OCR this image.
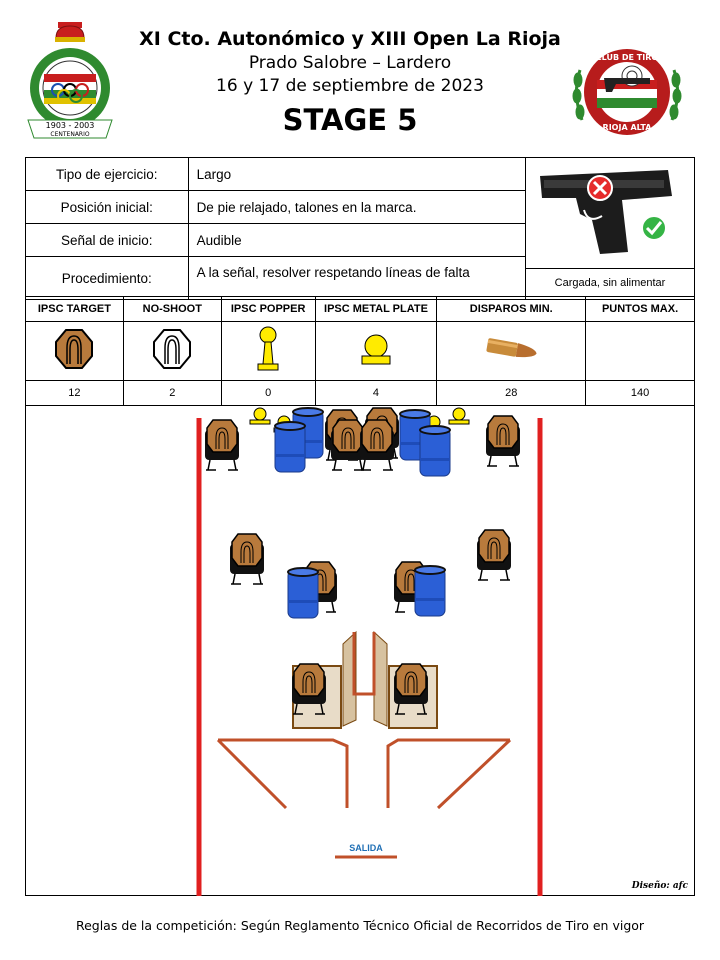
1903 - 2003
CENTENARIO
XI Cto. Autonómico y XIII Open La Rioja
Prado Salobre – Lardero
16 y 17 de septiembre de 2023
STAGE 5
CLUB DE TIRO
RIOJA ALTA
Tipo de ejercicio:	Largo	Cargada, sin alimentar

Posición inicial:	De pie relajado, talones en la marca.	
Señal de inicio:	Audible	
Procedimiento:	A la señal, resolver respetando líneas de falta	
IPSC TARGET	NO-SHOOT	IPSC POPPER	IPSC METAL PLATE	DISPAROS MIN.	PUNTOS MAX.

12	2	0	4	28	140
SALIDA
Diseño: afc
Reglas de la competición: Según Reglamento Técnico Oficial de Recorridos de Tiro en vigor
